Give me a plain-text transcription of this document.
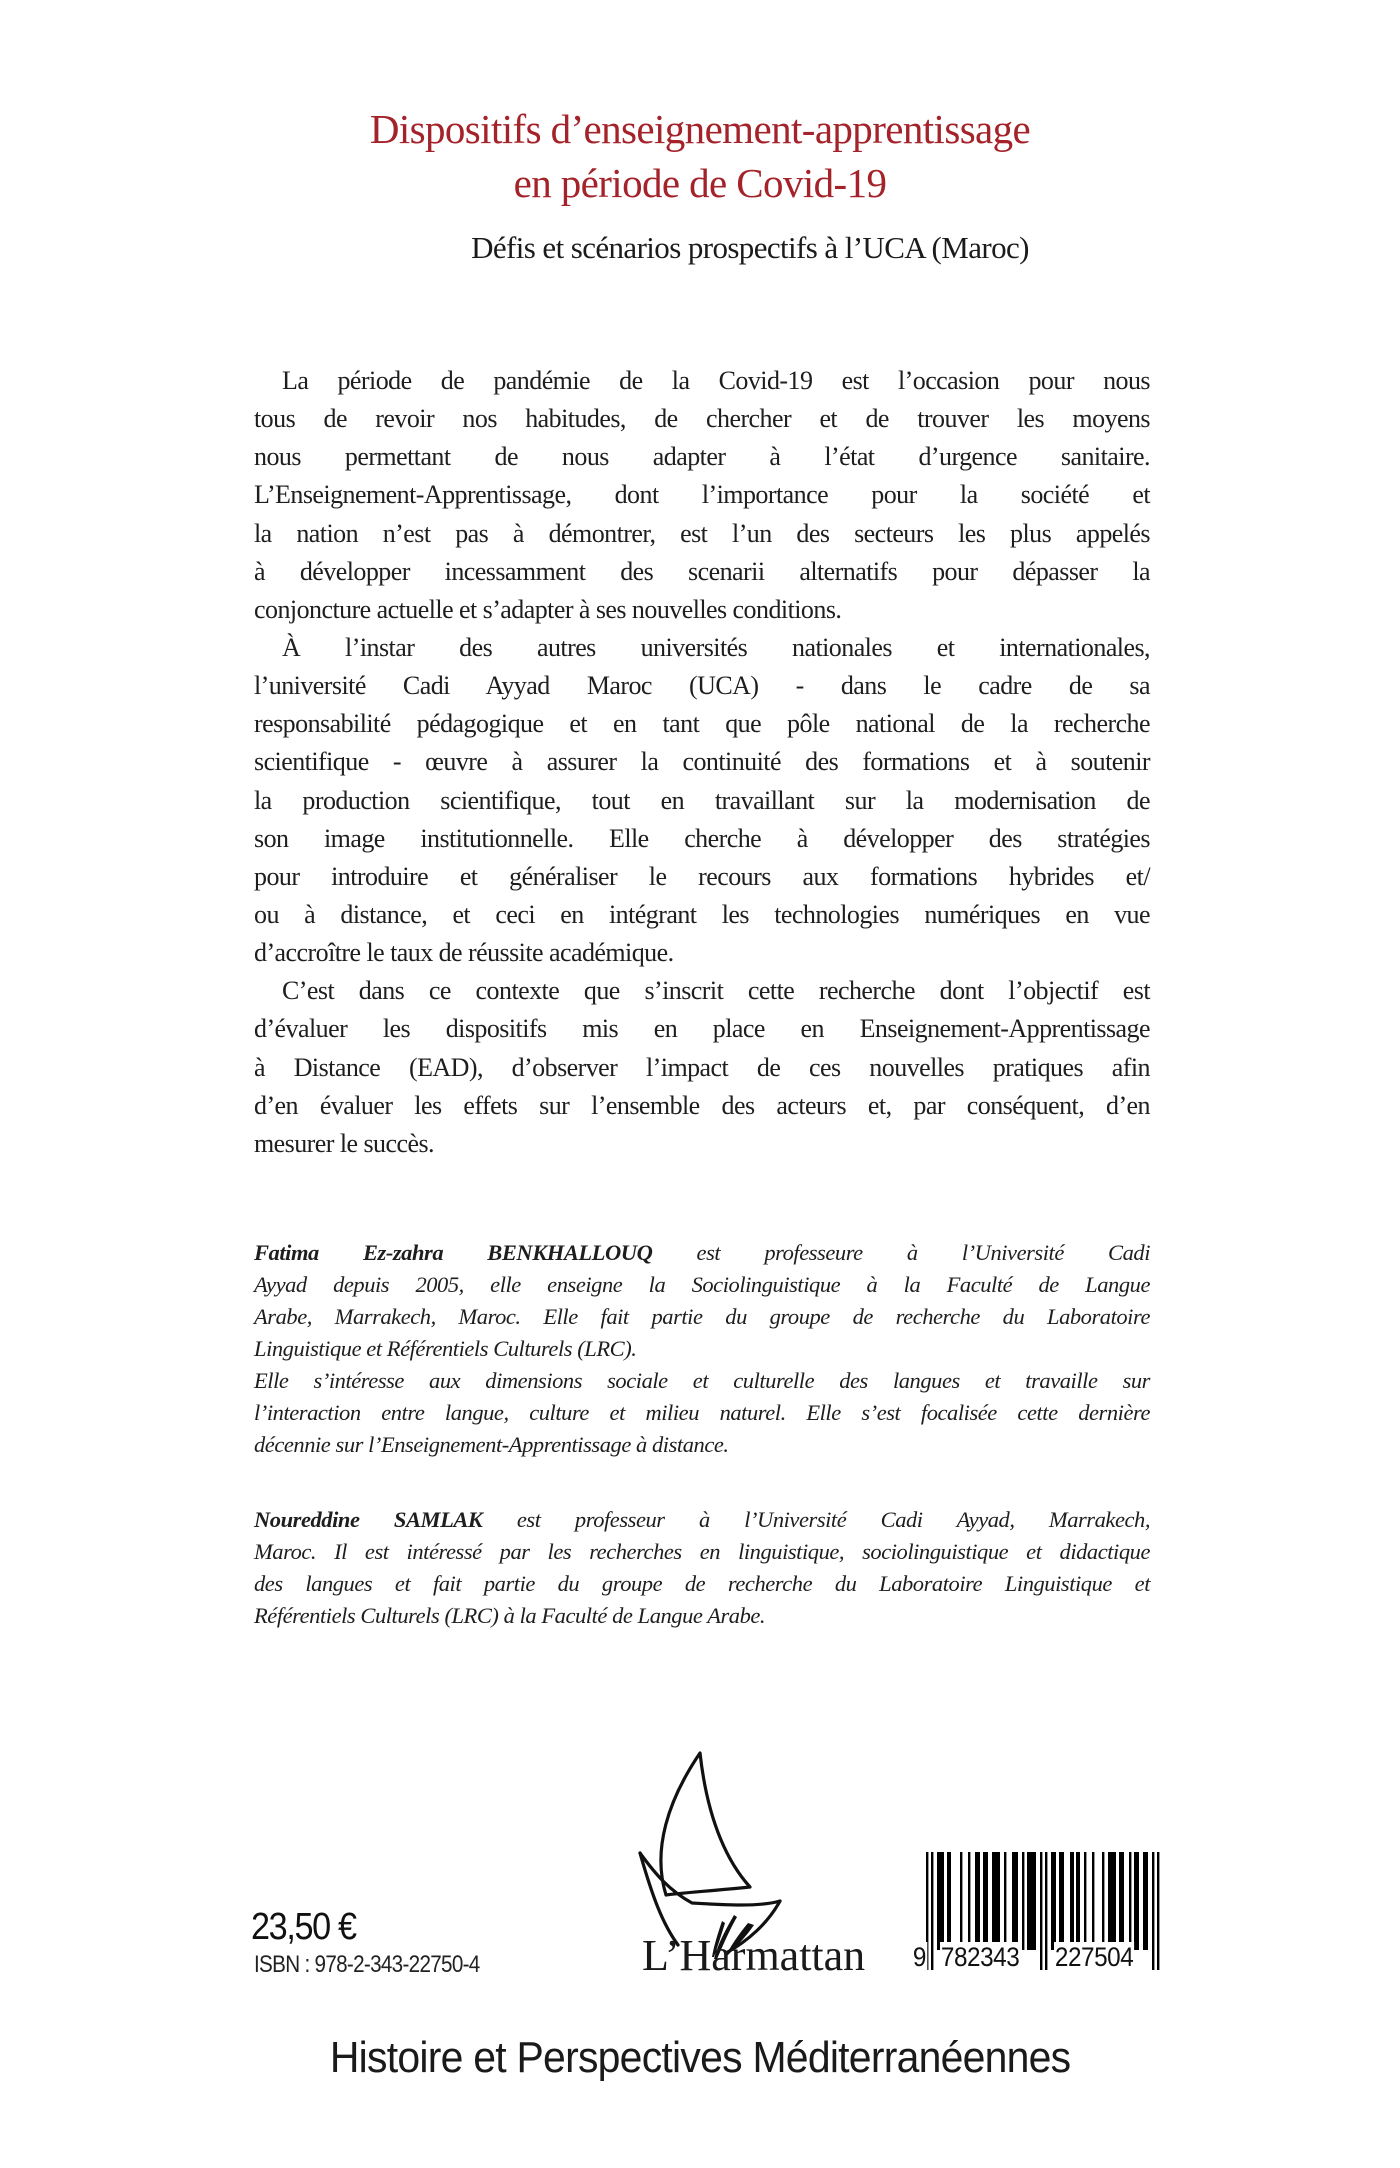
Dispositifs d’enseignement-apprentissage
en période de Covid-19
Défis et scénarios prospectifs à l’UCA (Maroc)
La période de pandémie de la Covid-19 est l’occasion pour nous
tous de revoir nos habitudes, de chercher et de trouver les moyens
nous permettant de nous adapter à l’état d’urgence sanitaire.
L’Enseignement-Apprentissage, dont l’importance pour la société et
la nation n’est pas à démontrer, est l’un des secteurs les plus appelés
à développer incessamment des scenarii alternatifs pour dépasser la
conjoncture actuelle et s’adapter à ses nouvelles conditions.
À l’instar des autres universités nationales et internationales,
l’université Cadi Ayyad Maroc (UCA) - dans le cadre de sa
responsabilité pédagogique et en tant que pôle national de la recherche
scientifique - œuvre à assurer la continuité des formations et à soutenir
la production scientifique, tout en travaillant sur la modernisation de
son image institutionnelle. Elle cherche à développer des stratégies
pour introduire et généraliser le recours aux formations hybrides et/
ou à distance, et ceci en intégrant les technologies numériques en vue
d’accroître le taux de réussite académique.
C’est dans ce contexte que s’inscrit cette recherche dont l’objectif est
d’évaluer les dispositifs mis en place en Enseignement-Apprentissage
à Distance (EAD), d’observer l’impact de ces nouvelles pratiques afin
d’en évaluer les effets sur l’ensemble des acteurs et, par conséquent, d’en
mesurer le succès.
Fatima Ez-zahra BENKHALLOUQ est professeure à l’Université Cadi
Ayyad depuis 2005, elle enseigne la Sociolinguistique à la Faculté de Langue
Arabe, Marrakech, Maroc. Elle fait partie du groupe de recherche du Laboratoire
Linguistique et Référentiels Culturels (LRC).
Elle s’intéresse aux dimensions sociale et culturelle des langues et travaille sur
l’interaction entre langue, culture et milieu naturel. Elle s’est focalisée cette dernière
décennie sur l’Enseignement-Apprentissage à distance.
Noureddine SAMLAK est professeur à l’Université Cadi Ayyad, Marrakech,
Maroc. Il est intéressé par les recherches en linguistique, sociolinguistique et didactique
des langues et fait partie du groupe de recherche du Laboratoire Linguistique et
Référentiels Culturels (LRC) à la Faculté de Langue Arabe.
23,50 €
ISBN : 978-2-343-22750-4	L’Harmattan 9 782343 227504
Histoire et Perspectives Méditerranéennes
